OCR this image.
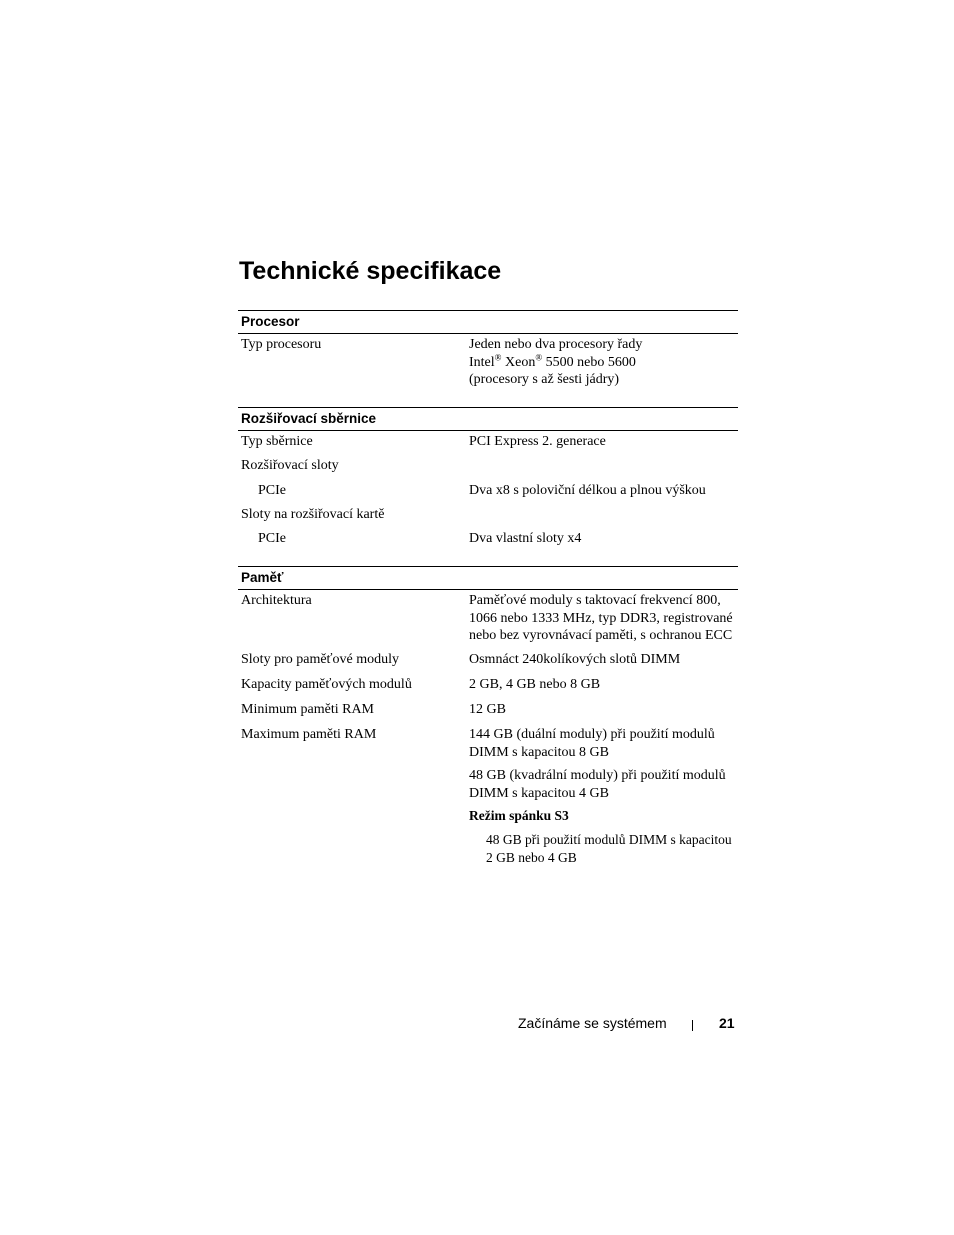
Technické specifikace
Procesor
Typ procesoru	Jeden nebo dva procesory řady
Intel® Xeon® 5500 nebo 5600
(procesory s až šesti jádry)
Rozšiřovací sběrnice
Typ sběrnice	PCI Express 2. generace
Rozšiřovací sloty
PCIe	Dva x8 s poloviční délkou a plnou výškou
Sloty na rozšiřovací kartě
PCIe	Dva vlastní sloty x4
Paměť
Architektura	Paměťové moduly s taktovací frekvencí 800,
1066 nebo 1333 MHz, typ DDR3, registrované
nebo bez vyrovnávací paměti, s ochranou ECC
Sloty pro paměťové moduly	Osmnáct 240kolíkových slotů DIMM
Kapacity paměťových modulů	2 GB, 4 GB nebo 8 GB
Minimum paměti RAM	12 GB
Maximum paměti RAM	144 GB (duální moduly) při použití modulů
DIMM s kapacitou 8 GB
48 GB (kvadrální moduly) při použití modulů
DIMM s kapacitou 4 GB
Režim spánku S3
48 GB při použití modulů DIMM s kapacitou
2 GB nebo 4 GB
Začínáme se systémem	21
